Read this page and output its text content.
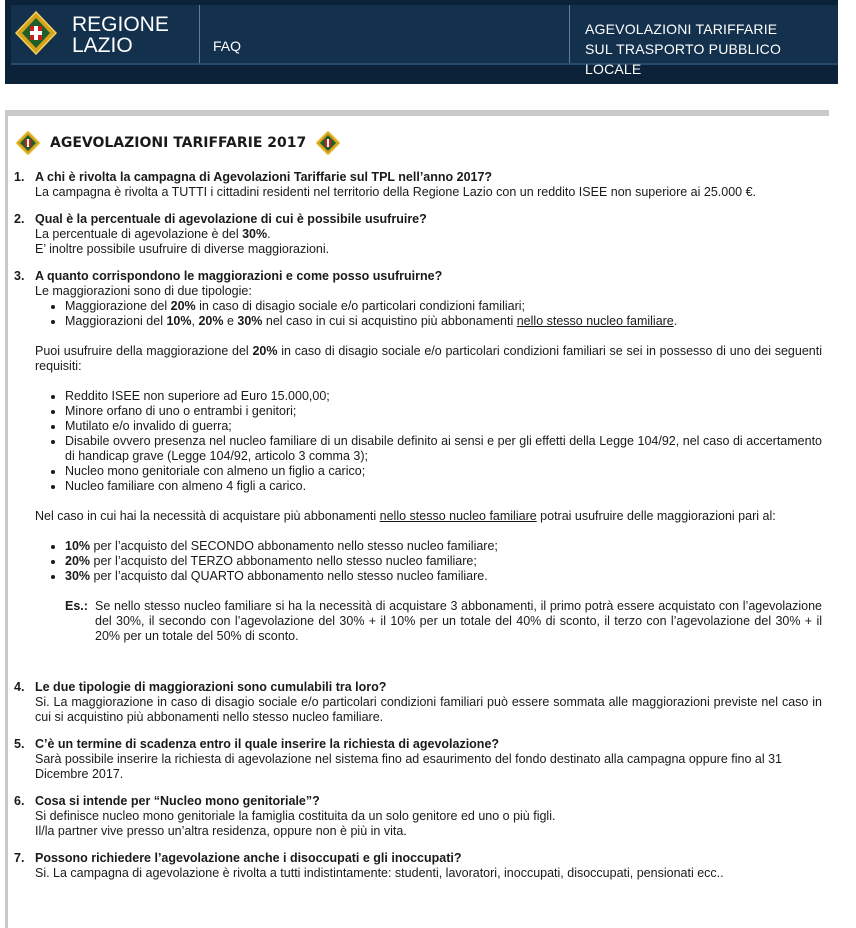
REGIONE
LAZIO	FAQ
AGEVOLAZIONI TARIFFARIE
SUL TRASPORTO PUBBLICO LOCALE
AGEVOLAZIONI TARIFFARIE 2017
1. A chi è rivolta la campagna di Agevolazioni Tariffarie sul TPL nell’anno 2017?

La campagna è rivolta a TUTTI i cittadini residenti nel territorio della Regione Lazio con un reddito ISEE non superiore ai 25.000 €.

2. Qual è la percentuale di agevolazione di cui è possibile usufruire?

La percentuale di agevolazione è del 30%.

E’ inoltre possibile usufruire di diverse maggiorazioni.

3. A quanto corrispondono le maggiorazioni e come posso usufruirne?

Le maggiorazioni sono di due tipologie:

• Maggiorazione del 20% in caso di disagio sociale e/o particolari condizioni familiari;
• Maggiorazioni del 10%, 20% e 30% nel caso in cui si acquistino più abbonamenti nello stesso nucleo familiare.

Puoi usufruire della maggiorazione del 20% in caso di disagio sociale e/o particolari condizioni familiari se sei in possesso di uno dei seguenti requisiti:

• Reddito ISEE non superiore ad Euro 15.000,00;
• Minore orfano di uno o entrambi i genitori;
• Mutilato e/o invalido di guerra;
• Disabile ovvero presenza nel nucleo familiare di un disabile definito ai sensi e per gli effetti della Legge 104/92, nel caso di accertamento di handicap grave (Legge 104/92, articolo 3 comma 3);
• Nucleo mono genitoriale con almeno un figlio a carico;
• Nucleo familiare con almeno 4 figli a carico.

Nel caso in cui hai la necessità di acquistare più abbonamenti nello stesso nucleo familiare potrai usufruire delle maggiorazioni pari al:

• 10% per l’acquisto del SECONDO abbonamento nello stesso nucleo familiare;
• 20% per l’acquisto del TERZO abbonamento nello stesso nucleo familiare;
• 30% per l’acquisto dal QUARTO abbonamento nello stesso nucleo familiare.
Es.: Se nello stesso nucleo familiare si ha la necessità di acquistare 3 abbonamenti, il primo potrà essere acquistato con l’agevolazione del 30%, il secondo con l’agevolazione del 30% + il 10% per un totale del 40% di sconto, il terzo con l’agevolazione del 30% + il 20% per un totale del 50% di sconto.
4. Le due tipologie di maggiorazioni sono cumulabili tra loro?

Si. La maggiorazione in caso di disagio sociale e/o particolari condizioni familiari può essere sommata alle maggiorazioni previste nel caso in cui si acquistino più abbonamenti nello stesso nucleo familiare.

5. C’è un termine di scadenza entro il quale inserire la richiesta di agevolazione?

Sarà possibile inserire la richiesta di agevolazione nel sistema fino ad esaurimento del fondo destinato alla campagna oppure fino al 31 Dicembre 2017.

6. Cosa si intende per “Nucleo mono genitoriale”?

Si definisce nucleo mono genitoriale la famiglia costituita da un solo genitore ed uno o più figli.

Il/la partner vive presso un’altra residenza, oppure non è più in vita.

7. Possono richiedere l’agevolazione anche i disoccupati e gli inoccupati?

Si. La campagna di agevolazione è rivolta a tutti indistintamente: studenti, lavoratori, inoccupati, disoccupati, pensionati ecc..
